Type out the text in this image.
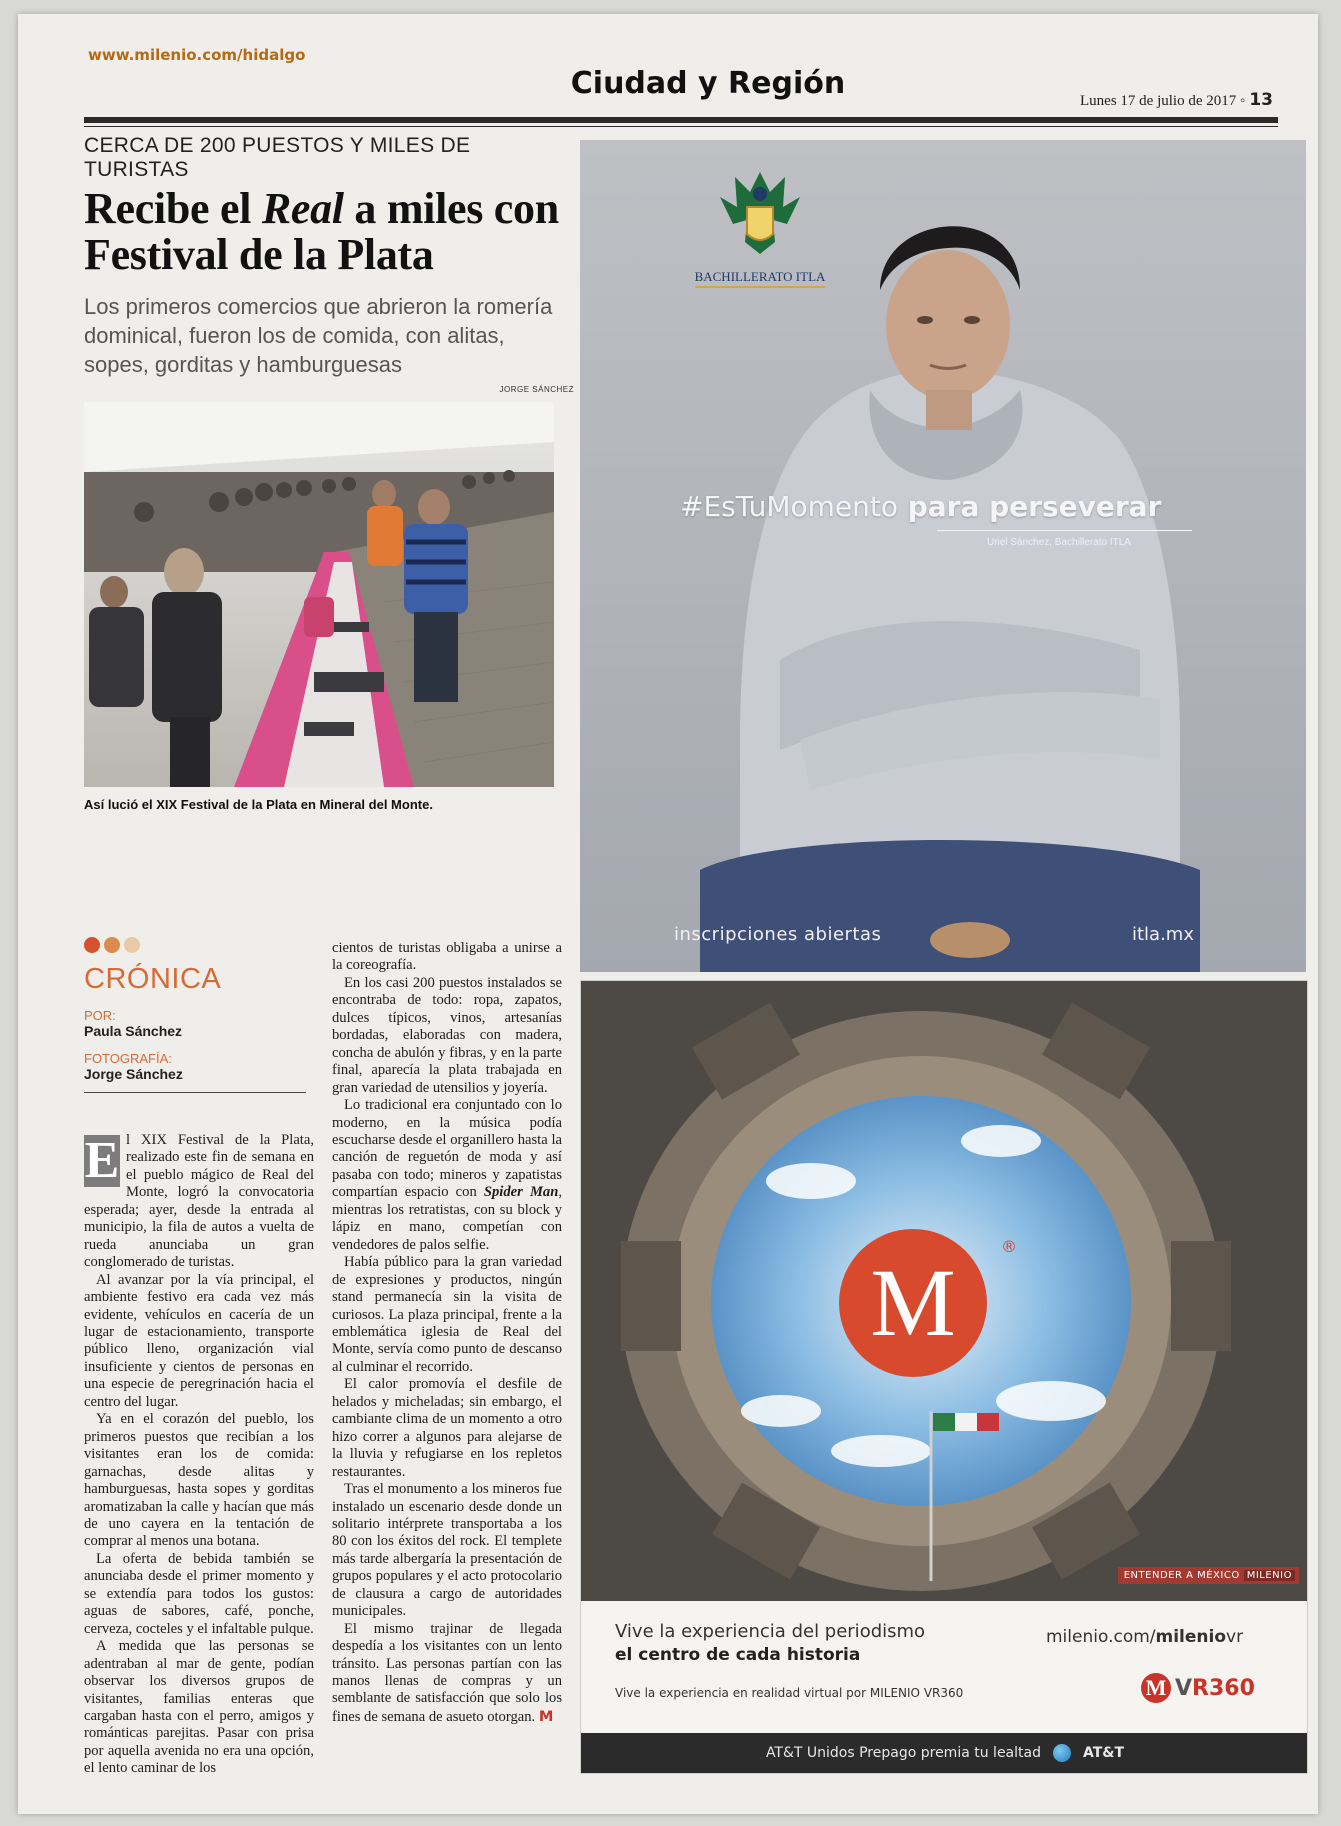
www.milenio.com/hidalgo
Ciudad y Región	Lunes 17 de julio de 2017 ◦ 13
CERCA DE 200 PUESTOS Y MILES DE TURISTAS
Recibe el Real a miles con Festival de la Plata
Los primeros comercios que abrieron la romería dominical, fueron los de comida, con alitas, sopes, gorditas y hamburguesas
JORGE SÁNCHEZ
Así lució el XIX Festival de la Plata en Mineral del Monte.
CRÓNICA
POR:
Paula Sánchez
FOTOGRAFÍA:
Jorge Sánchez

E l XIX Festival de la Plata, realizado este fin de semana en el pueblo mágico de Real del Monte, logró la convocatoria esperada; ayer, desde la entrada al municipio, la fila de autos a vuelta de rueda anunciaba un gran conglomerado de turistas.

Al avanzar por la vía principal, el ambiente festivo era cada vez más evidente, vehículos en cacería de un lugar de estacionamiento, transporte público lleno, organización vial insuficiente y cientos de personas en una especie de peregrinación hacia el centro del lugar.

Ya en el corazón del pueblo, los primeros puestos que recibían a los visitantes eran los de comida: garnachas, desde alitas y hamburguesas, hasta sopes y gorditas aromatizaban la calle y hacían que más de uno cayera en la tentación de comprar al menos una botana.

La oferta de bebida también se anunciaba desde el primer momento y se extendía para todos los gustos: aguas de sabores, café, ponche, cerveza, cocteles y el infaltable pulque.

A medida que las personas se adentraban al mar de gente, podían observar los diversos grupos de visitantes, familias enteras que cargaban hasta con el perro, amigos y románticas parejitas. Pasar con prisa por aquella avenida no era una opción, el lento caminar de los

cientos de turistas obligaba a unirse a la coreografía.

En los casi 200 puestos instalados se encontraba de todo: ropa, zapatos, dulces típicos, vinos, artesanías bordadas, elaboradas con madera, concha de abulón y fibras, y en la parte final, aparecía la plata trabajada en gran variedad de utensilios y joyería.

Lo tradicional era conjuntado con lo moderno, en la música podía escucharse desde el organillero hasta la canción de reguetón de moda y así pasaba con todo; mineros y zapatistas compartían espacio con Spider Man, mientras los retratistas, con su block y lápiz en mano, competían con vendedores de palos selfie.

Había público para la gran variedad de expresiones y productos, ningún stand permanecía sin la visita de curiosos. La plaza principal, frente a la emblemática iglesia de Real del Monte, servía como punto de descanso al culminar el recorrido.

El calor promovía el desfile de helados y micheladas; sin embargo, el cambiante clima de un momento a otro hizo correr a algunos para alejarse de la lluvia y refugiarse en los repletos restaurantes.

Tras el monumento a los mineros fue instalado un escenario desde donde un solitario intérprete transportaba a los 80 con los éxitos del rock. El templete más tarde albergaría la presentación de grupos populares y el acto protocolario de clausura a cargo de autoridades municipales.

El mismo trajinar de llegada despedía a los visitantes con un lento tránsito. Las personas partían con las manos llenas de compras y un semblante de satisfacción que solo los fines de semana de asueto otorgan. M

BACHILLERATO ITLA
#EsTuMomento para perseverar
Uriel Sánchez, Bachillerato ITLA
inscripciones abiertas	itla.mx
M
®
ENTENDER A MÉXICO MILENIO
Vive la experiencia del periodismo
el centro de cada historia
milenio.com/mileniovr
Vive la experiencia en realidad virtual por MILENIO VR360	M V R360
AT&T Unidos Prepago premia tu lealtad	AT&T
